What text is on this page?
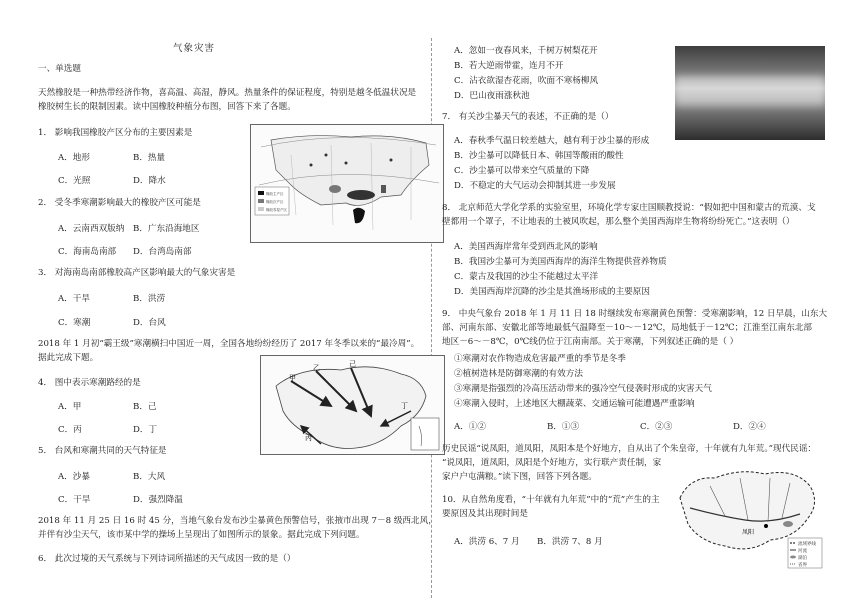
气象灾害
一、单选题
天然橡胶是一种热带经济作物，喜高温、高湿，静风。热量条件的保证程度，特别是越冬低温状况是
橡胶树生长的限制因素。读中国橡胶种植分布图，回答下来了各题。
1． 影响我国橡胶产区分布的主要因素是
A．地形	B．热量
C．光照	D．降水
2． 受冬季寒潮影响最大的橡胶产区可能是
A．云南西双版纳 B．广东沿海地区
C．海南岛南部 D．台湾岛南部
3． 对海南岛南部橡胶高产区影响最大的气象灾害是
A．干旱	B．洪涝
C．寒潮	D．台风
2018 年 1 月初“霸王级”寒潮横扫中国近一周，全国各地纷纷经历了 2017 年冬季以来的“最冷周”。
据此完成下题。
4． 图中表示寒潮路经的是
A．甲	B．己
C．丙	D．丁
5． 台风和寒潮共同的天气特征是
A．沙暴	B．大风
C．干旱	D．强烈降温
2018 年 11 月 25 日 16 时 45 分，当地气象台发布沙尘暴黄色预警信号，张掖市出现 7－8 级西北风，
并伴有沙尘天气，该市某中学的操场上呈现出了如图所示的景象。据此完成下列问题。
6． 此次过境的天气系统与下列诗词所描述的天气成因一致的是（）
橡胶主产区
橡胶次产区
橡胶零星产区
甲
乙
丙
丁
己
A．忽如一夜春风来，千树万树梨花开
B．若大逆雨带霍，连月不开
C．沾衣欲湿杏花雨，吹面不寒杨柳风
D．巴山夜雨涨秋池
7． 有关沙尘暴天气的表述，不正确的是（）
A．春秋季气温日较差越大，越有利于沙尘暴的形成
B．沙尘暴可以降低日本、韩国等酸雨的酸性
C．沙尘暴可以带来空气质量的下降
D．不稳定的大气运动会抑制其进一步发展
8． 北京师范大学化学系的实验室里，环境化学专家庄国顺教授说：“假如把中国和蒙古的荒漠、戈
壁都用一个罩子，不让地表的土被风吹起，那么整个美国西海岸生物将纷纷死亡。”这表明（）
A．美国西海岸常年受到西北风的影响
B．我国沙尘暴可为美国西海岸的海洋生物提供营养物质
C．蒙古及我国的沙尘不能越过太平洋
D．美国西海岸沉降的沙尘是其渔场形成的主要原因
9． 中央气象台 2018 年 1 月 11 日 18 时继续发布寒潮黄色预警：受寒潮影响，12 日早晨，山东大
部、河南东部、安徽北部等地最低气温降至－10～－12℃，局地低于－12℃；江淮至江南东北部
地区－6～－8℃，0℃线仍位于江南南部。关于寒潮，下列叙述正确的是（ ）
①寒潮对农作物造成危害最严重的季节是冬季
②植树造林是防御寒潮的有效方法
③寒潮是指强烈的冷高压活动带来的强冷空气侵袭时形成的灾害天气
④寒潮入侵时，上述地区大棚蔬菜、交通运输可能遭遇严重影响
A．①②	B．①③	C．②③	D．②④
历史民谣“说凤阳，道凤阳，凤阳本是个好地方，自从出了个朱皇帝，十年就有九年荒。”现代民谣：
“说凤阳，道凤阳，凤阳是个好地方，实行联产责任制，家
家户户屯满粮。”读下图，回答下列各题。
10．从自然角度看，“十年就有九年荒”中的“荒”产生的主
要原因及其出现时间是
A．洪涝 6、7 月 B．洪涝 7、8 月
凤阳
流域界线
河流
湖泊
省界
